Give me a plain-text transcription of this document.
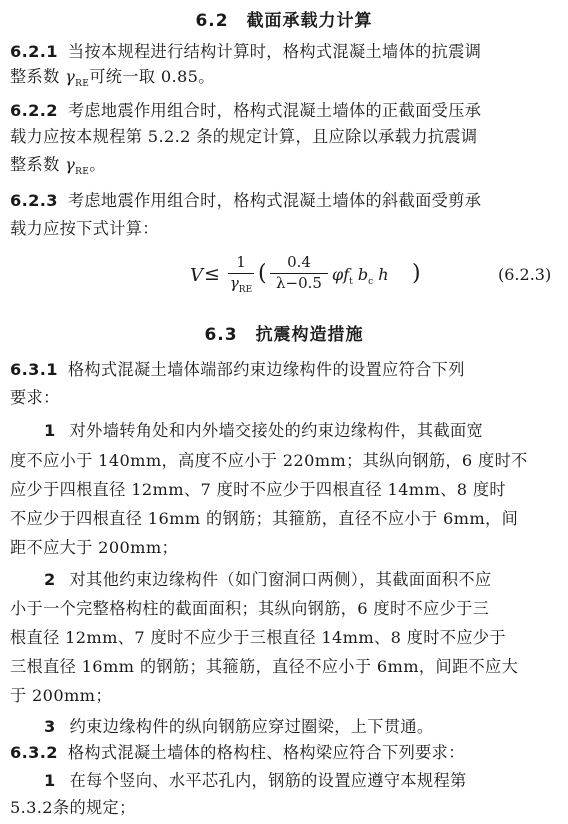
6.2 截面承载力计算
6.2.1 当按本规程进行结构计算时，格构式混凝土墙体的抗震调
整系数 $\gamma_{RE}$可统一取 0.85。
6.2.2 考虑地震作用组合时，格构式混凝土墙体的正截面受压承
载力应按本规程第 5.2.2 条的规定计算，且应除以承载力抗震调
整系数 $\gamma_{RE}$。
6.2.3 考虑地震作用组合时，格构式混凝土墙体的斜截面受剪承
载力应按下式计算：
V ≤
1
$\gamma_{RE}$
( $\frac{0.4}{\lambda-0.5} \varphi f_t$ $b_c$ h )	(6.2.3)
6.3 抗震构造措施
6.3.1 格构式混凝土墙体端部约束边缘构件的设置应符合下列
要求：
1 对外墙转角处和内外墙交接处的约束边缘构件，其截面宽
度不应小于 140mm，高度不应小于 220mm；其纵向钢筋，6 度时不
应少于四根直径 12mm、7 度时不应少于四根直径 14mm、8 度时
不应少于四根直径 16mm 的钢筋；其箍筋，直径不应小于 6mm，间
距不应大于 200mm；
2 对其他约束边缘构件（如门窗洞口两侧），其截面面积不应
小于一个完整格构柱的截面面积；其纵向钢筋，6 度时不应少于三
根直径 12mm、7 度时不应少于三根直径 14mm、8 度时不应少于
三根直径 16mm 的钢筋；其箍筋，直径不应小于 6mm，间距不应大
于 200mm；
3 约束边缘构件的纵向钢筋应穿过圈梁，上下贯通。
6.3.2 格构式混凝土墙体的格构柱、格构梁应符合下列要求：
1 在每个竖向、水平芯孔内，钢筋的设置应遵守本规程第
5.3.2条的规定；
